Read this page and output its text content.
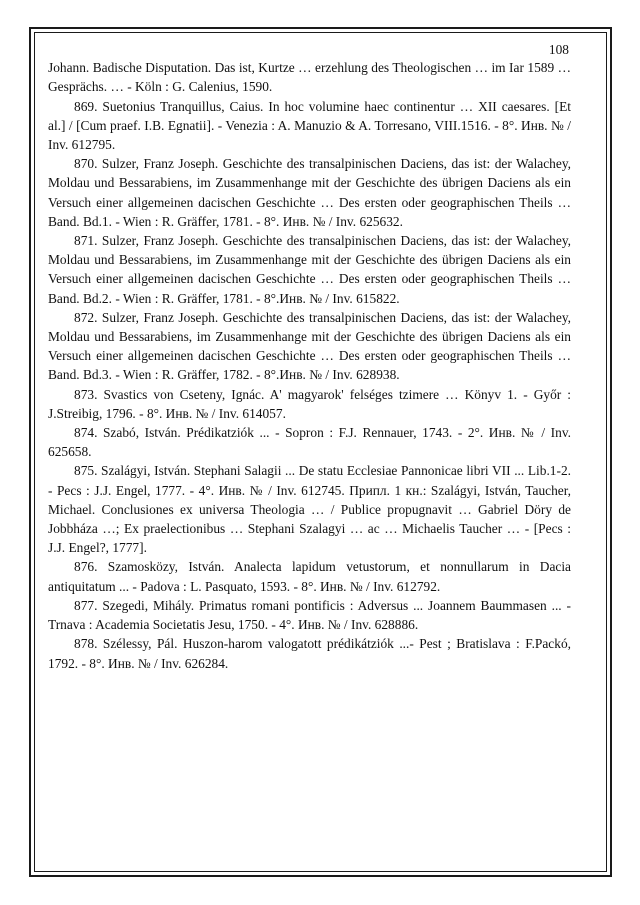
108

Johann. Badische Disputation. Das ist, Kurtze … erzehlung des Theologischen … im Iar 1589 … Gesprächs. … - Köln : G. Calenius, 1590.

869. Suetonius Tranquillus, Caius. In hoc volumine haec continentur … XII caesares. [Et al.] / [Cum praef. I.B. Egnatii]. - Venezia : A. Manuzio & A. Torresano, VIII.1516. - 8°. Инв. № / Inv. 612795.

870. Sulzer, Franz Joseph. Geschichte des transalpinischen Daciens, das ist: der Walachey, Moldau und Bessarabiens, im Zusammenhange mit der Geschichte des übrigen Daciens als ein Versuch einer allgemeinen dacischen Geschichte … Des ersten oder geographischen Theils … Band. Bd.1. - Wien : R. Gräffer, 1781. - 8°. Инв. № / Inv. 625632.

871. Sulzer, Franz Joseph. Geschichte des transalpinischen Daciens, das ist: der Walachey, Moldau und Bessarabiens, im Zusammenhange mit der Geschichte des übrigen Daciens als ein Versuch einer allgemeinen dacischen Geschichte … Des ersten oder geographischen Theils … Band. Bd.2. - Wien : R. Gräffer, 1781. - 8°.Инв. № / Inv. 615822.

872. Sulzer, Franz Joseph. Geschichte des transalpinischen Daciens, das ist: der Walachey, Moldau und Bessarabiens, im Zusammenhange mit der Geschichte des übrigen Daciens als ein Versuch einer allgemeinen dacischen Geschichte … Des ersten oder geographischen Theils … Band. Bd.3. - Wien : R. Gräffer, 1782. - 8°.Инв. № / Inv. 628938.

873. Svastics von Cseteny, Ignác. A' magyarok' felséges tzimere … Könyv 1. - Győr : J.Streibig, 1796. - 8°. Инв. № / Inv. 614057.

874. Szabó, István. Prédikatziók ... - Sopron : F.J. Rennauer, 1743. - 2°. Инв. № / Inv. 625658.

875. Szalágyi, István. Stephani Salagii ... De statu Ecclesiae Pannonicae libri VII ... Lib.1-2. - Pecs : J.J. Engel, 1777. - 4°. Инв. № / Inv. 612745. Припл. 1 кн.: Szalágyi, István, Taucher, Michael. Conclusiones ex universa Theologia … / Publice propugnavit … Gabriel Döry de Jobbháza …; Ex praelectionibus … Stephani Szalagyi … ac … Michaelis Taucher … - [Pecs : J.J. Engel?, 1777].

876. Szamosközy, István. Analecta lapidum vetustorum, et nonnullarum in Dacia antiquitatum ... - Padova : L. Pasquato, 1593. - 8°. Инв. № / Inv. 612792.

877. Szegedi, Mihály. Primatus romani pontificis : Adversus ... Joannem Baummasen ... - Trnava : Academia Societatis Jesu, 1750. - 4°. Инв. № / Inv. 628886.

878. Szélessy, Pál. Huszon-harom valogatott prédikátziók ...- Pest ; Bratislava : F.Packó, 1792. - 8°. Инв. № / Inv. 626284.
